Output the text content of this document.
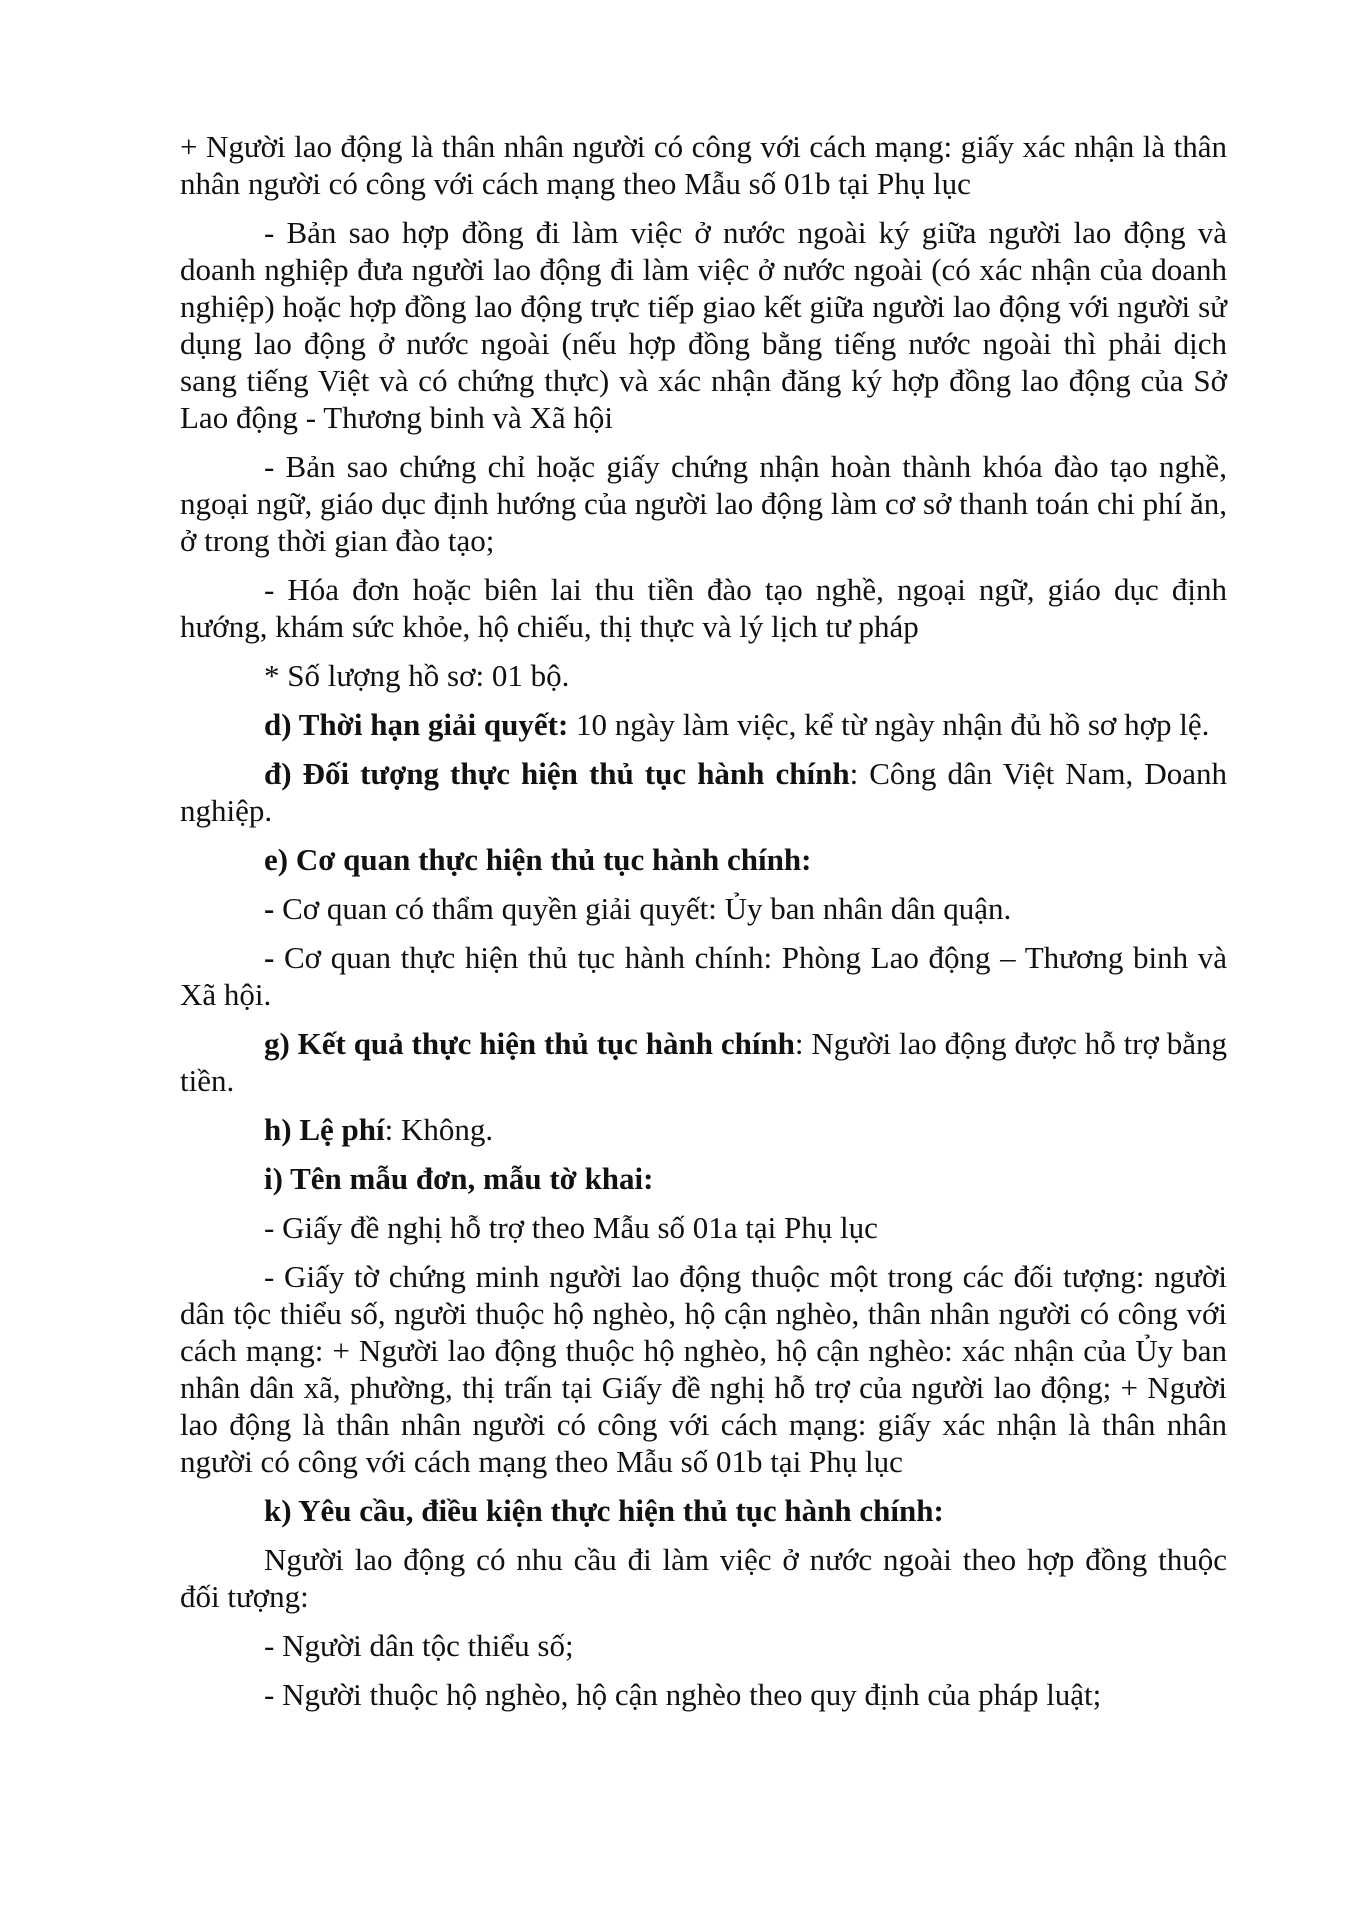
+ Người lao động là thân nhân người có công với cách mạng: giấy xác nhận là thân nhân người có công với cách mạng theo Mẫu số 01b tại Phụ lục

- Bản sao hợp đồng đi làm việc ở nước ngoài ký giữa người lao động và doanh nghiệp đưa người lao động đi làm việc ở nước ngoài (có xác nhận của doanh nghiệp) hoặc hợp đồng lao động trực tiếp giao kết giữa người lao động với người sử dụng lao động ở nước ngoài (nếu hợp đồng bằng tiếng nước ngoài thì phải dịch sang tiếng Việt và có chứng thực) và xác nhận đăng ký hợp đồng lao động của Sở Lao động - Thương binh và Xã hội

- Bản sao chứng chỉ hoặc giấy chứng nhận hoàn thành khóa đào tạo nghề, ngoại ngữ, giáo dục định hướng của người lao động làm cơ sở thanh toán chi phí ăn, ở trong thời gian đào tạo;

- Hóa đơn hoặc biên lai thu tiền đào tạo nghề, ngoại ngữ, giáo dục định hướng, khám sức khỏe, hộ chiếu, thị thực và lý lịch tư pháp

* Số lượng hồ sơ: 01 bộ.

d) Thời hạn giải quyết: 10 ngày làm việc, kể từ ngày nhận đủ hồ sơ hợp lệ.

đ) Đối tượng thực hiện thủ tục hành chính: Công dân Việt Nam, Doanh nghiệp.

e) Cơ quan thực hiện thủ tục hành chính:

- Cơ quan có thẩm quyền giải quyết: Ủy ban nhân dân quận.

- Cơ quan thực hiện thủ tục hành chính: Phòng Lao động – Thương binh và Xã hội.

g) Kết quả thực hiện thủ tục hành chính: Người lao động được hỗ trợ bằng tiền.

h) Lệ phí: Không.

i) Tên mẫu đơn, mẫu tờ khai:

- Giấy đề nghị hỗ trợ theo Mẫu số 01a tại Phụ lục

- Giấy tờ chứng minh người lao động thuộc một trong các đối tượng: người dân tộc thiểu số, người thuộc hộ nghèo, hộ cận nghèo, thân nhân người có công với cách mạng: + Người lao động thuộc hộ nghèo, hộ cận nghèo: xác nhận của Ủy ban nhân dân xã, phường, thị trấn tại Giấy đề nghị hỗ trợ của người lao động; + Người lao động là thân nhân người có công với cách mạng: giấy xác nhận là thân nhân người có công với cách mạng theo Mẫu số 01b tại Phụ lục

k) Yêu cầu, điều kiện thực hiện thủ tục hành chính:

Người lao động có nhu cầu đi làm việc ở nước ngoài theo hợp đồng thuộc đối tượng:

- Người dân tộc thiểu số;

- Người thuộc hộ nghèo, hộ cận nghèo theo quy định của pháp luật;
